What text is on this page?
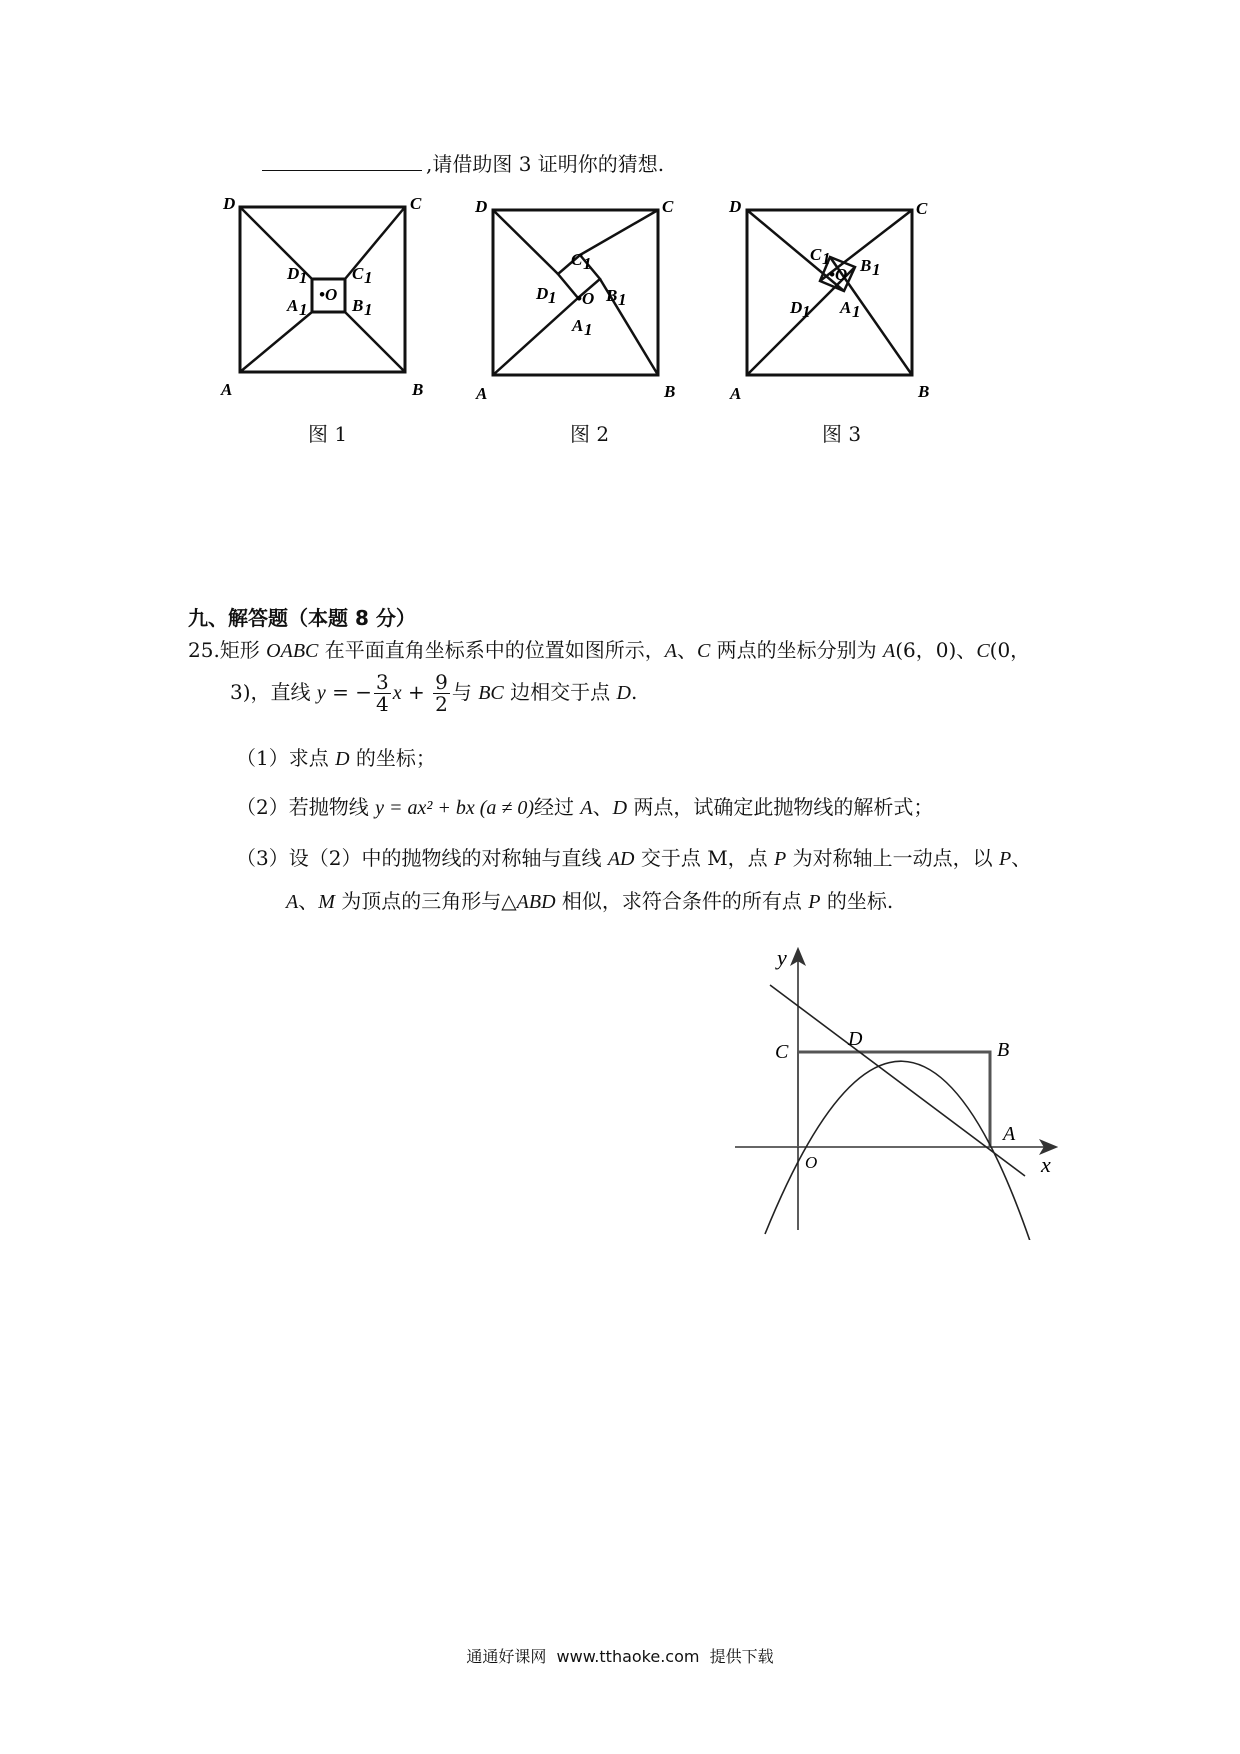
,请借助图 3 证明你的猜想.
D	C
A	B
D 1	C 1
A 1	B 1
•O
图 1
D	C
A	B
C 1
D 1	B 1
A 1
•O
图 2
D	C
A	B
C 1
D 1
B 1
A 1
•O
图 3
九、解答题（本题 8 分）
25.矩形 OABC 在平面直角坐标系中的位置如图所示，A、C 两点的坐标分别为 A(6，0)、C(0，
3)，直线 y = − $\frac{3}{4}$ $x + \frac{9}{2}$ 与 BC 边相交于点 D.
（1）求点 D 的坐标；
（2）若抛物线 y = ax² + bx (a ≠ 0)经过 A、D 两点，试确定此抛物线的解析式；
（3）设（2）中的抛物线的对称轴与直线 AD 交于点 M，点 P 为对称轴上一动点，以 P、
A、M 为顶点的三角形与△ABD 相似，求符合条件的所有点 P 的坐标.
y
x
C
D	B
A
O
通通好课网  www.tthaoke.com  提供下载
